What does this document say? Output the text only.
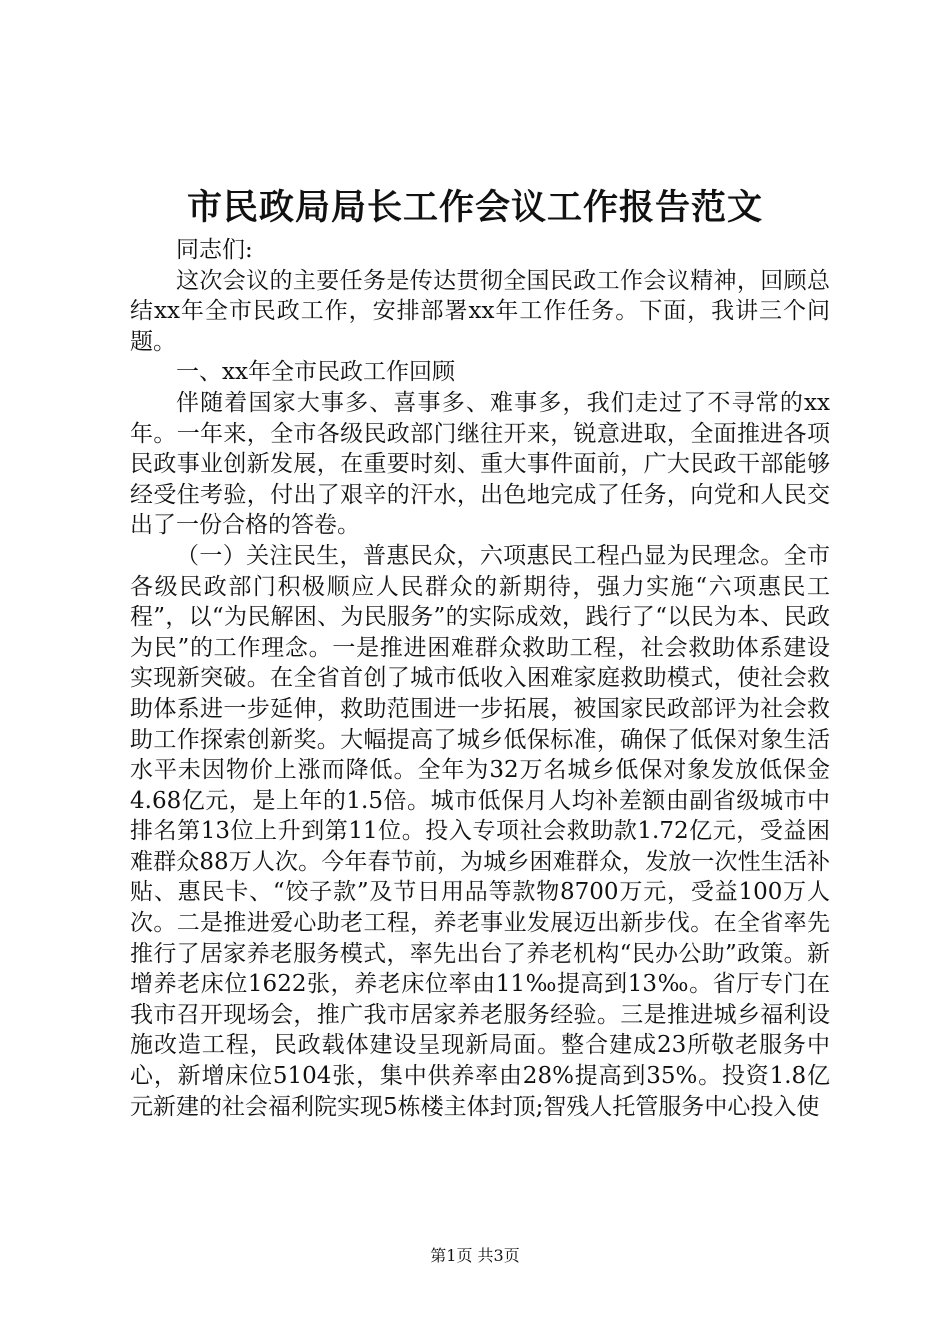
市民政局局长工作会议工作报告范文

同志们:

这次会议的主要任务是传达贯彻全国民政工作会议精神，回顾总结xx年全市民政工作，安排部署xx年工作任务。下面，我讲三个问题。

一、xx年全市民政工作回顾

伴随着国家大事多、喜事多、难事多，我们走过了不寻常的xx年。一年来，全市各级民政部门继往开来，锐意进取，全面推进各项民政事业创新发展，在重要时刻、重大事件面前，广大民政干部能够经受住考验，付出了艰辛的汗水，出色地完成了任务，向党和人民交出了一份合格的答卷。

（一）关注民生，普惠民众，六项惠民工程凸显为民理念。全市各级民政部门积极顺应人民群众的新期待，强力实施“六项惠民工程”，以“为民解困、为民服务”的实际成效，践行了“以民为本、民政为民”的工作理念。一是推进困难群众救助工程，社会救助体系建设实现新突破。在全省首创了城市低收入困难家庭救助模式，使社会救助体系进一步延伸，救助范围进一步拓展，被国家民政部评为社会救助工作探索创新奖。大幅提高了城乡低保标准，确保了低保对象生活水平未因物价上涨而降低。全年为32万名城乡低保对象发放低保金4.68亿元，是上年的1.5倍。城市低保月人均补差额由副省级城市中排名第13位上升到第11位。投入专项社会救助款1.72亿元，受益困难群众88万人次。今年春节前，为城乡困难群众，发放一次性生活补贴、惠民卡、“饺子款”及节日用品等款物8700万元，受益100万人次。二是推进爱心助老工程，养老事业发展迈出新步伐。在全省率先推行了居家养老服务模式，率先出台了养老机构“民办公助”政策。新增养老床位1622张，养老床位率由11‰提高到13‰。省厅专门在我市召开现场会，推广我市居家养老服务经验。三是推进城乡福利设施改造工程，民政载体建设呈现新局面。整合建成23所敬老服务中心，新增床位5104张，集中供养率由28%提高到35%。投资1.8亿元新建的社会福利院实现5栋楼主体封顶;智残人托管服务中心投入使

第1页 共3页
